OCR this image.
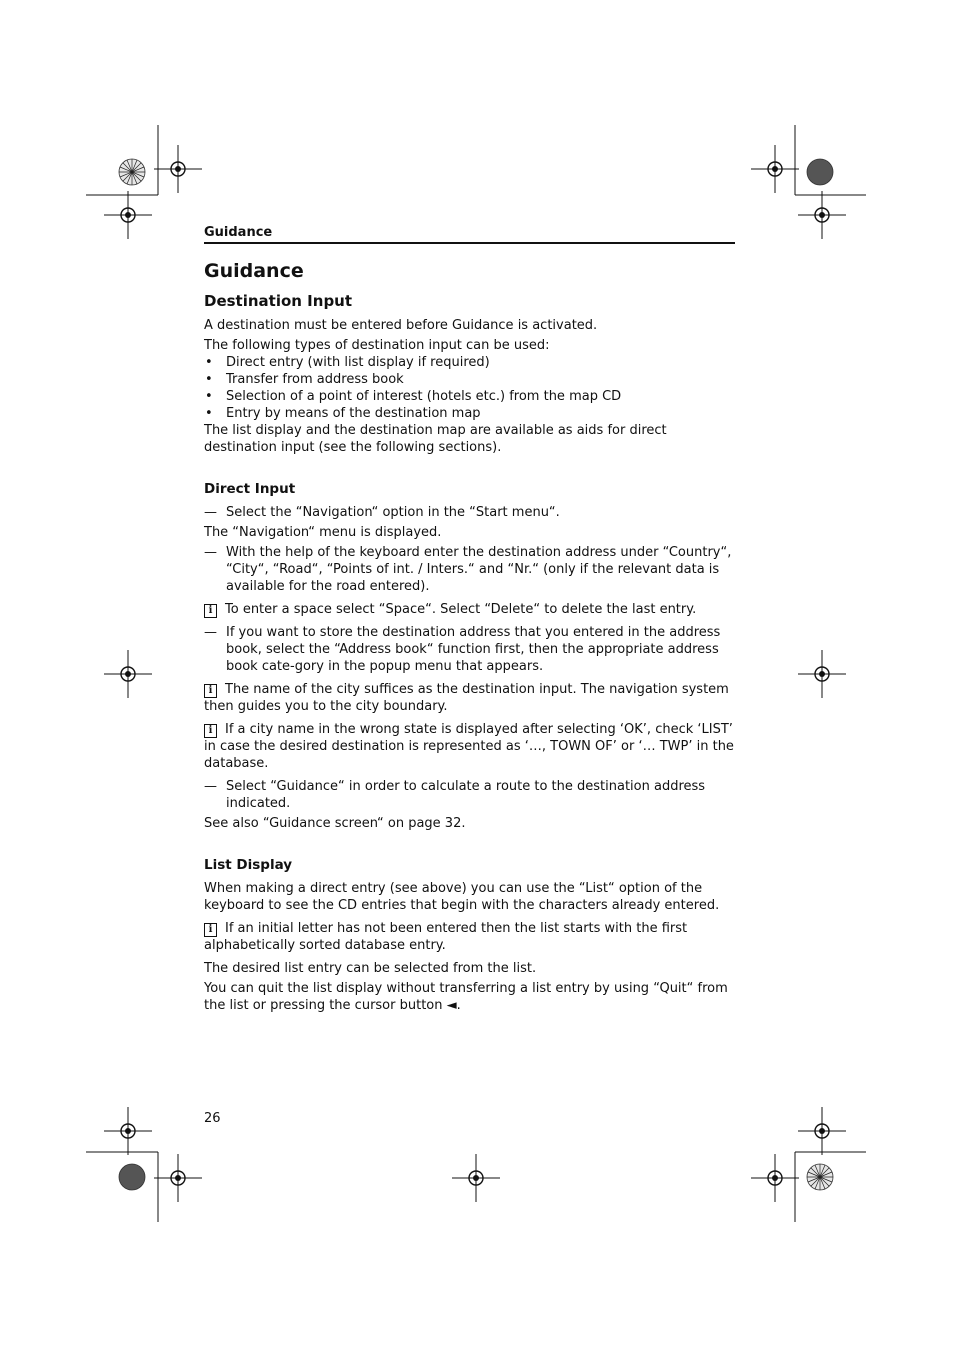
Guidance
Guidance
Destination Input

A destination must be entered before Guidance is activated.

The following types of destination input can be used:

• Direct entry (with list display if required)
• Transfer from address book
• Selection of a point of interest (hotels etc.) from the map CD
• Entry by means of the destination map

The list display and the destination map are available as aids for direct destination input (see the following sections).

Direct Input
— Select the “Navigation“ option in the “Start menu“.

The “Navigation“ menu is displayed.

— With the help of the keyboard enter the destination address under “Country“, “City“, “Road“, “Points of int. / Inters.“ and “Nr.“ (only if the relevant data is available for the road entered).
i To enter a space select “Space“. Select “Delete“ to delete the last entry.
— If you want to store the destination address that you entered in the address book, select the “Address book“ function first, then the appropriate address book cate-gory in the popup menu that appears.
i The name of the city suffices as the destination input. The navigation system then guides you to the city boundary.
i If a city name in the wrong state is displayed after selecting ‘OK’, check ‘LIST’ in case the desired destination is represented as ‘…, TOWN OF’ or ‘… TWP’ in the database.
— Select “Guidance“ in order to calculate a route to the destination address indicated.

See also “Guidance screen“ on page 32.

List Display

When making a direct entry (see above) you can use the “List“ option of the keyboard to see the CD entries that begin with the characters already entered.

i If an initial letter has not been entered then the list starts with the first alphabetically sorted database entry.

The desired list entry can be selected from the list.

You can quit the list display without transferring a list entry by using “Quit“ from the list or pressing the cursor button ◄.

26
